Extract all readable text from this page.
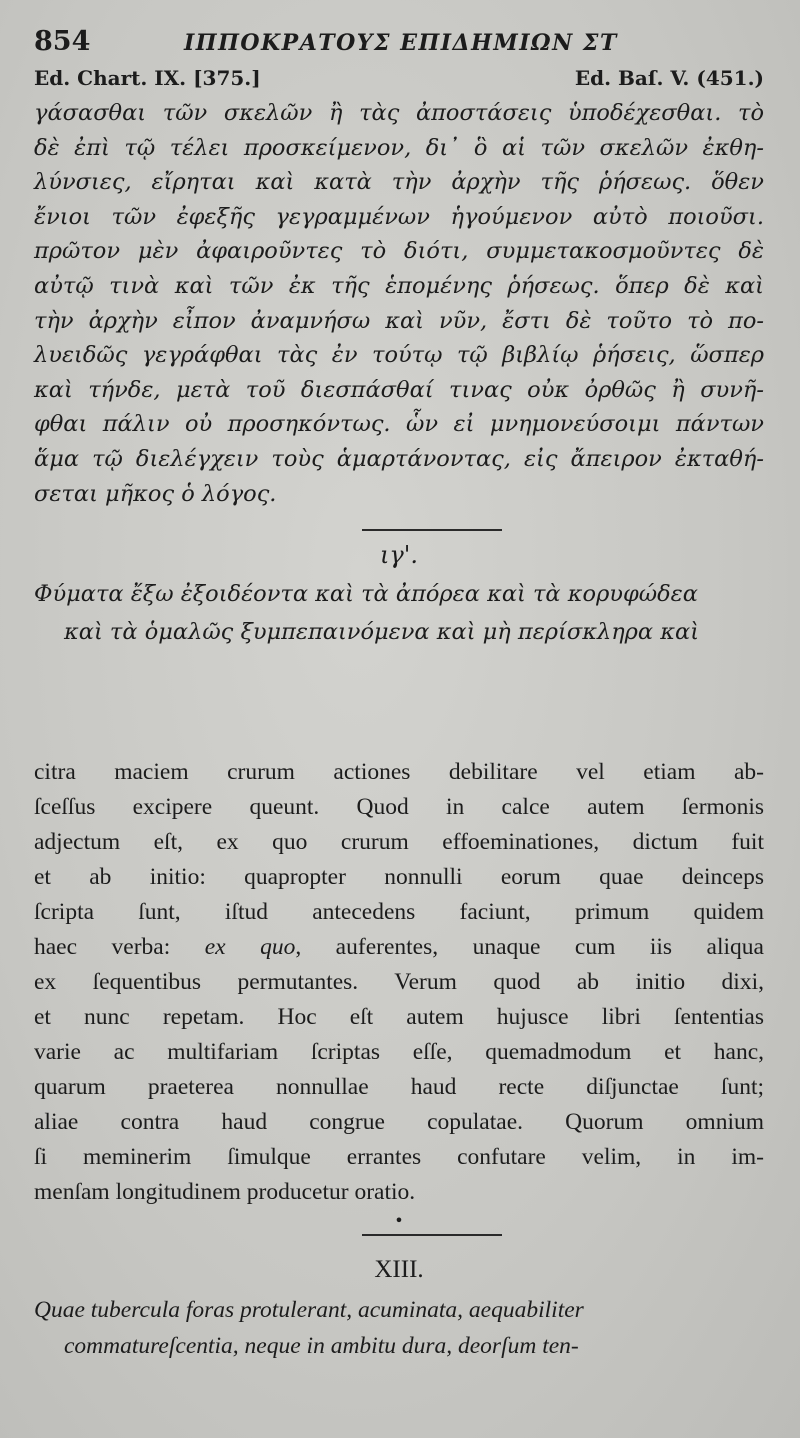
854	ΙΠΠΟΚΡΑΤΟΥΣ ΕΠΙΔΗΜΙΩΝ ΣΤ
Ed. Chart. IX. [375.]	Ed. Baſ. V. (451.)
γάσασθαι τῶν σκελῶν ἢ τὰς ἀποστάσεις ὑποδέχεσθαι. τὸ
δὲ ἐπὶ τῷ τέλει προσκείμενον, δι᾽ ὃ αἱ τῶν σκελῶν ἐκθη-
λύνσιες, εἴρηται καὶ κατὰ τὴν ἀρχὴν τῆς ῥήσεως. ὅθεν
ἔνιοι τῶν ἐφεξῆς γεγραμμένων ἡγούμενον αὐτὸ ποιοῦσι.
πρῶτον μὲν ἀφαιροῦντες τὸ διότι, συμμετακοσμοῦντες δὲ
αὐτῷ τινὰ καὶ τῶν ἐκ τῆς ἑπομένης ῥήσεως. ὅπερ δὲ καὶ
τὴν ἀρχὴν εἶπον ἀναμνήσω καὶ νῦν, ἔστι δὲ τοῦτο τὸ πο-
λυειδῶς γεγράφθαι τὰς ἐν τούτῳ τῷ βιβλίῳ ῥήσεις, ὥσπερ
καὶ τήνδε, μετὰ τοῦ διεσπάσθαί τινας οὐκ ὀρθῶς ἢ συνῆ-
φθαι πάλιν οὐ προσηκόντως. ὧν εἰ μνημονεύσοιμι πάντων
ἅμα τῷ διελέγχειν τοὺς ἁμαρτάνοντας, εἰς ἄπειρον ἐκταθή-
σεται μῆκος ὁ λόγος.
ιγ'.
Φύματα ἔξω ἐξοιδέοντα καὶ τὰ ἀπόρεα καὶ τὰ κορυφώδεα
καὶ τὰ ὁμαλῶς ξυμπεπαινόμενα καὶ μὴ περίσκληρα καὶ
citra maciem crurum actiones debilitare vel etiam ab-
ſceſſus excipere queunt. Quod in calce autem ſermonis
adjectum eſt, ex quo crurum effoeminationes, dictum fuit
et ab initio: quapropter nonnulli eorum quae deinceps
ſcripta ſunt, iſtud antecedens faciunt, primum quidem
haec verba: ex quo, auferentes, unaque cum iis aliqua
ex ſequentibus permutantes. Verum quod ab initio dixi,
et nunc repetam. Hoc eſt autem hujusce libri ſententias
varie ac multifariam ſcriptas eſſe, quemadmodum et hanc,
quarum praeterea nonnullae haud recte diſjunctae ſunt;
aliae contra haud congrue copulatae. Quorum omnium
ſi meminerim ſimulque errantes confutare velim, in im-
menſam longitudinem producetur oratio.
•
XIII.
Quae tubercula foras protulerant, acuminata, aequabiliter
commatureſcentia, neque in ambitu dura, deorſum ten-
